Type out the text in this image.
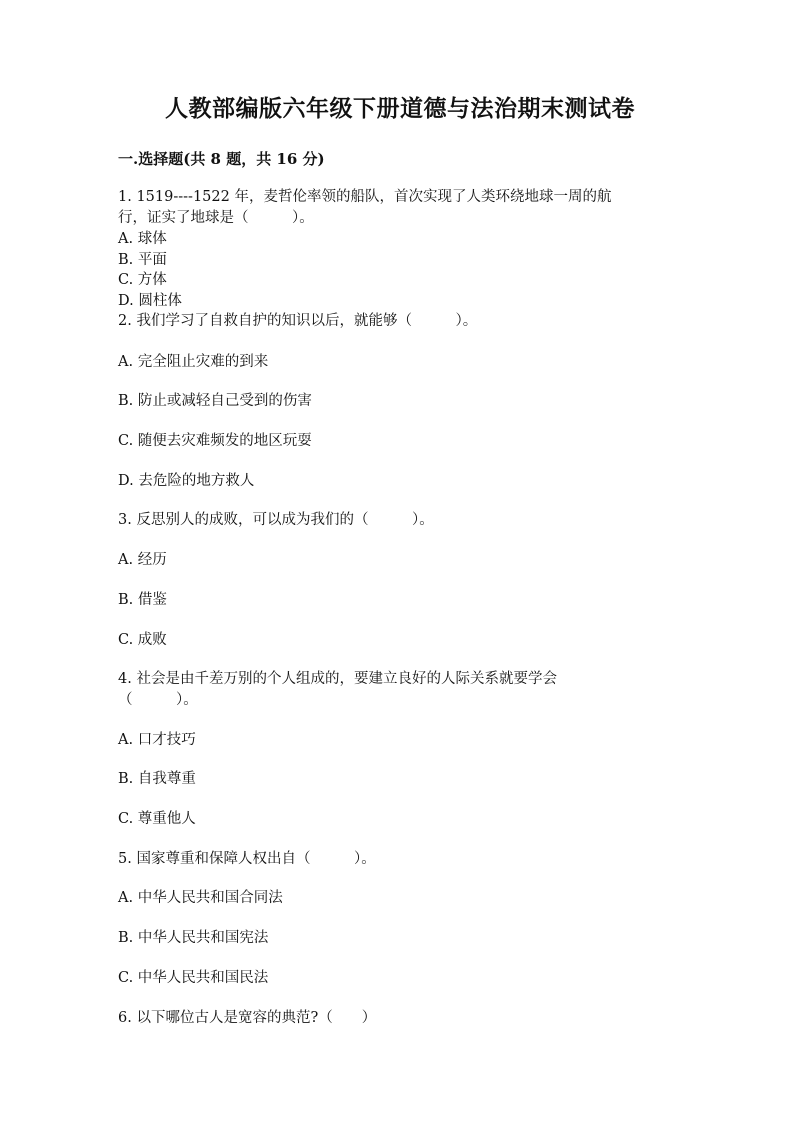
人教部编版六年级下册道德与法治期末测试卷
一.选择题(共 8 题，共 16 分)
1. 1519----1522 年，麦哲伦率领的船队，首次实现了人类环绕地球一周的航
行，证实了地球是（　　　）。
A. 球体
B. 平面
C. 方体
D. 圆柱体
2. 我们学习了自救自护的知识以后，就能够（　　　）。
A. 完全阻止灾难的到来
B. 防止或减轻自己受到的伤害
C. 随便去灾难频发的地区玩耍
D. 去危险的地方救人
3. 反思别人的成败，可以成为我们的（　　　）。
A. 经历
B. 借鉴
C. 成败
4. 社会是由千差万别的个人组成的，要建立良好的人际关系就要学会
（　　　）。
A. 口才技巧
B. 自我尊重
C. 尊重他人
5. 国家尊重和保障人权出自（　　　）。
A. 中华人民共和国合同法
B. 中华人民共和国宪法
C. 中华人民共和国民法
6. 以下哪位古人是宽容的典范?（　　）
